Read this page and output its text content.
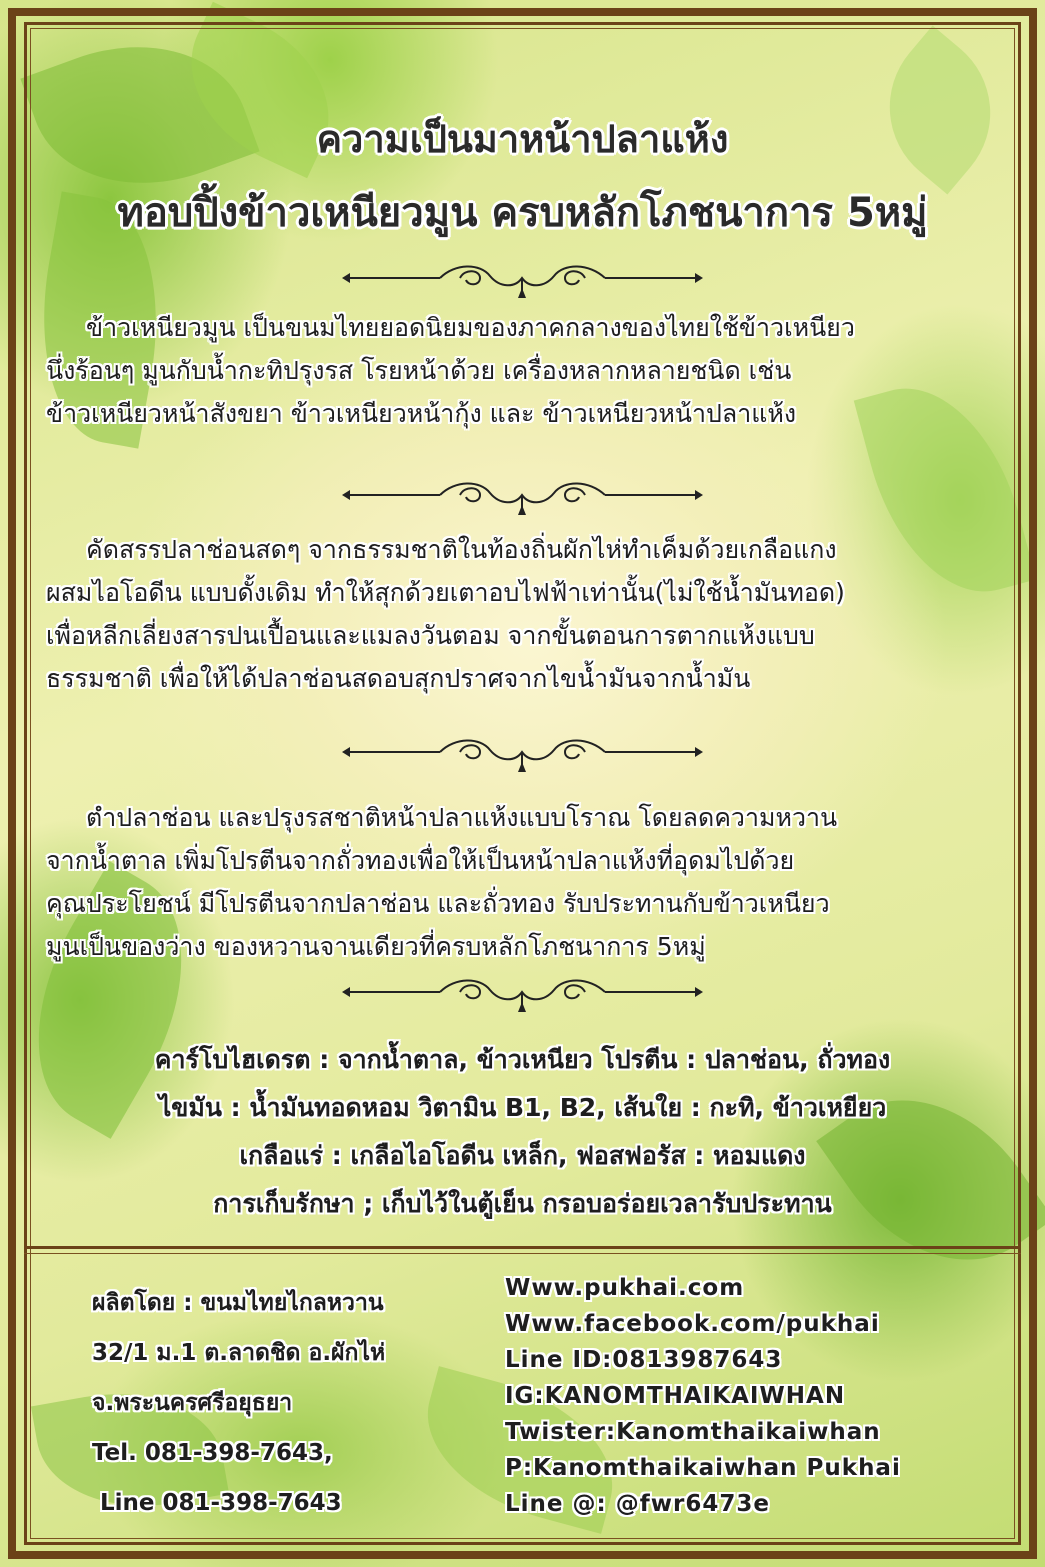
ความเป็นมาหน้าปลาแห้ง
ทอบปิ้งข้าวเหนียวมูน ครบหลักโภชนาการ 5หมู่
ข้าวเหนียวมูน เป็นขนมไทยยอดนิยมของภาคกลางของไทยใช้ข้าวเหนียว
นึ่งร้อนๆ มูนกับน้ำกะทิปรุงรส โรยหน้าด้วย เครื่องหลากหลายชนิด เช่น
ข้าวเหนียวหน้าสังขยา ข้าวเหนียวหน้ากุ้ง และ ข้าวเหนียวหน้าปลาแห้ง
คัดสรรปลาช่อนสดๆ จากธรรมชาติในท้องถิ่นผักไห่ทำเค็มด้วยเกลือแกง
ผสมไอโอดีน แบบดั้งเดิม ทำให้สุกด้วยเตาอบไฟฟ้าเท่านั้น(ไม่ใช้น้ำมันทอด)
เพื่อหลีกเลี่ยงสารปนเปื้อนและแมลงวันตอม จากขั้นตอนการตากแห้งแบบ
ธรรมชาติ เพื่อให้ได้ปลาช่อนสดอบสุกปราศจากไขน้ำมันจากน้ำมัน
ตำปลาช่อน และปรุงรสชาติหน้าปลาแห้งแบบโราณ โดยลดความหวาน
จากน้ำตาล เพิ่มโปรตีนจากถั่วทองเพื่อให้เป็นหน้าปลาแห้งที่อุดมไปด้วย
คุณประโยชน์ มีโปรตีนจากปลาช่อน และถั่วทอง รับประทานกับข้าวเหนียว
มูนเป็นของว่าง ของหวานจานเดียวที่ครบหลักโภชนาการ 5หมู่
คาร์โบไฮเดรต : จากน้ำตาล, ข้าวเหนียว โปรตีน : ปลาช่อน, ถั่วทอง
ไขมัน : น้ำมันทอดหอม วิตามิน B1, B2, เส้นใย : กะทิ, ข้าวเหยียว
เกลือแร่ : เกลือไอโอดีน เหล็ก, ฟอสฟอรัส : หอมแดง
การเก็บรักษา ; เก็บไว้ในตู้เย็น กรอบอร่อยเวลารับประทาน
ผลิตโดย : ขนมไทยไกลหวาน
32/1 ม.1 ต.ลาดชิด อ.ผักไห่
จ.พระนครศรีอยุธยา
Tel. 081-398-7643,
Line 081-398-7643
Www.pukhai.com
Www.facebook.com/pukhai
Line ID:0813987643
IG:KANOMTHAIKAIWHAN
Twister:Kanomthaikaiwhan
P:Kanomthaikaiwhan Pukhai
Line @: @fwr6473e
